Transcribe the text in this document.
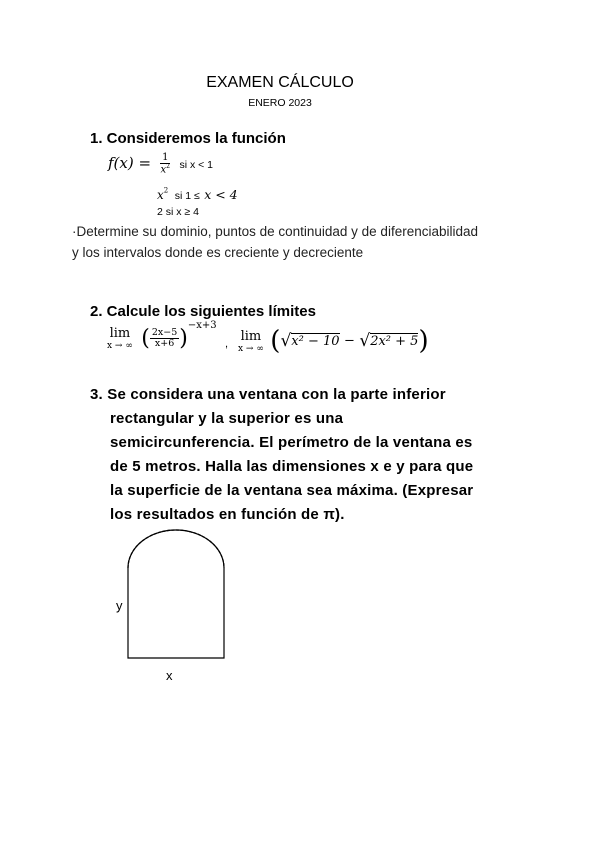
EXAMEN CÁLCULO
ENERO 2023
1. Consideremos la función
$f(x) = \frac{1}{x^2}$ si x < 1
$x^2$ si 1 ≤ x < 4
2 si x ≥ 4
·Determine su dominio, puntos de continuidad y de diferenciabilidad
y los intervalos donde es creciente y decreciente
2. Calcule los siguientes límites
lim
x → ∞ ( $\frac{2x-5}{x+6} )^{-x+3}$
,
lim
x → ∞ (√x² − 10 − √2x² + 5)
3. Se considera una ventana con la parte inferior
rectangular y la superior es una
semicircunferencia. El perímetro de la ventana es
de 5 metros. Halla las dimensiones x e y para que
la superficie de la ventana sea máxima. (Expresar
los resultados en función de π).
y
x
